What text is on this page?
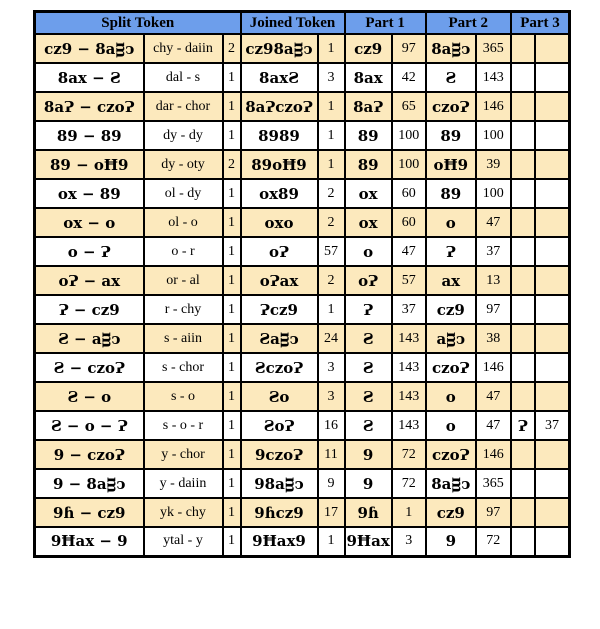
Split Token			Joined Token		Part 1		Part 2		Part 3	
cᴢ9 − 8aᴟↄ	chy - daiin	2	cᴢ98aᴟↄ	1	cᴢ9	97	8aᴟↄ	365		
8ax − Ƨ	dal - s	1	8axƧ	3	8ax	42	Ƨ	143		
8aɁ − cᴢoɁ	dar - chor	1	8aɁcᴢoɁ	1	8aɁ	65	cᴢoɁ	146		
89 − 89	dy - dy	1	8989	1	89	100	89	100		
89 − oĦ9	dy - oty	2	89oĦ9	1	89	100	oĦ9	39		
ox − 89	ol - dy	1	ox89	2	ox	60	89	100		
ox − o	ol - o	1	oxo	2	ox	60	o	47		
o − Ɂ	o - r	1	oɁ	57	o	47	Ɂ	37		
oɁ − ax	or - al	1	oɁax	2	oɁ	57	ax	13		
Ɂ − cᴢ9	r - chy	1	Ɂcᴢ9	1	Ɂ	37	cᴢ9	97		
Ƨ − aᴟↄ	s - aiin	1	Ƨaᴟↄ	24	Ƨ	143	aᴟↄ	38		
Ƨ − cᴢoɁ	s - chor	1	ƧcᴢoɁ	3	Ƨ	143	cᴢoɁ	146		
Ƨ − o	s - o	1	Ƨo	3	Ƨ	143	o	47		
Ƨ − o − Ɂ	s - o - r	1	ƧoɁ	16	Ƨ	143	o	47	Ɂ	37
9 − cᴢoɁ	y - chor	1	9cᴢoɁ	11	9	72	cᴢoɁ	146		
9 − 8aᴟↄ	y - daiin	1	98aᴟↄ	9	9	72	8aᴟↄ	365		
9ɦ − cᴢ9	yk - chy	1	9ɦcᴢ9	17	9ɦ	1	cᴢ9	97		
9Ħax − 9	ytal - y	1	9Ħax9	1	9Ħax	3	9	72		
